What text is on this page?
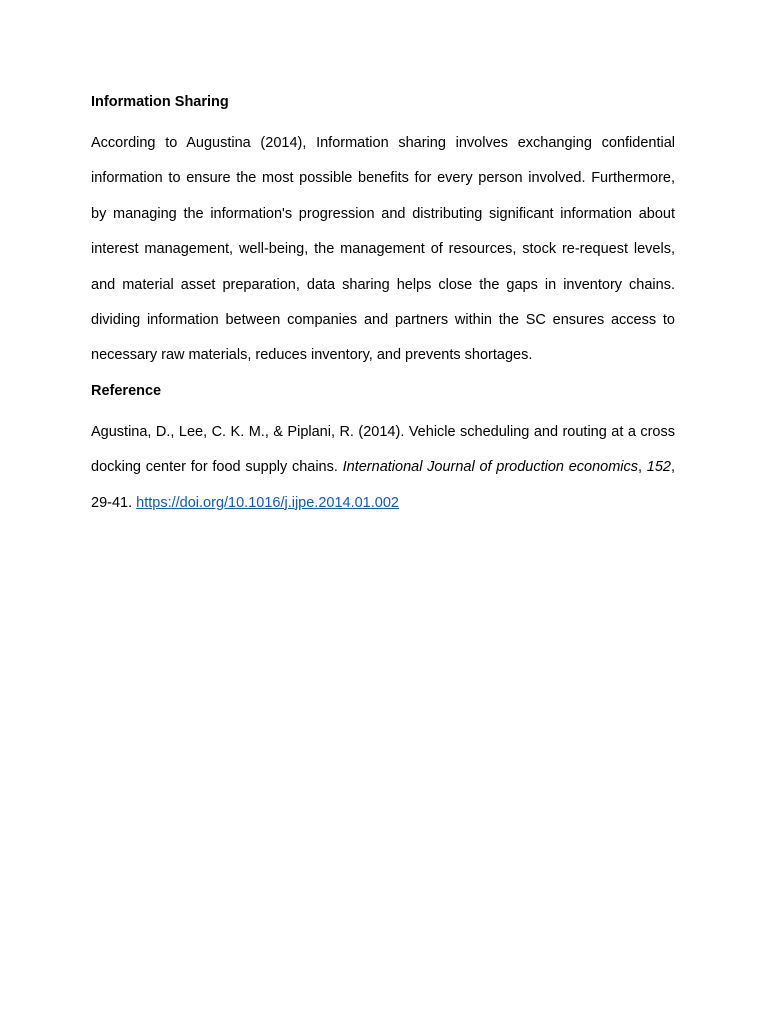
Information Sharing

According to Augustina (2014), Information sharing involves exchanging confidential information to ensure the most possible benefits for every person involved. Furthermore, by managing the information's progression and distributing significant information about interest management, well-being, the management of resources, stock re-request levels, and material asset preparation, data sharing helps close the gaps in inventory chains. dividing information between companies and partners within the SC ensures access to necessary raw materials, reduces inventory, and prevents shortages.

Reference

Agustina, D., Lee, C. K. M., & Piplani, R. (2014). Vehicle scheduling and routing at a cross docking center for food supply chains. International Journal of production economics, 152, 29-41. https://doi.org/10.1016/j.ijpe.2014.01.002
